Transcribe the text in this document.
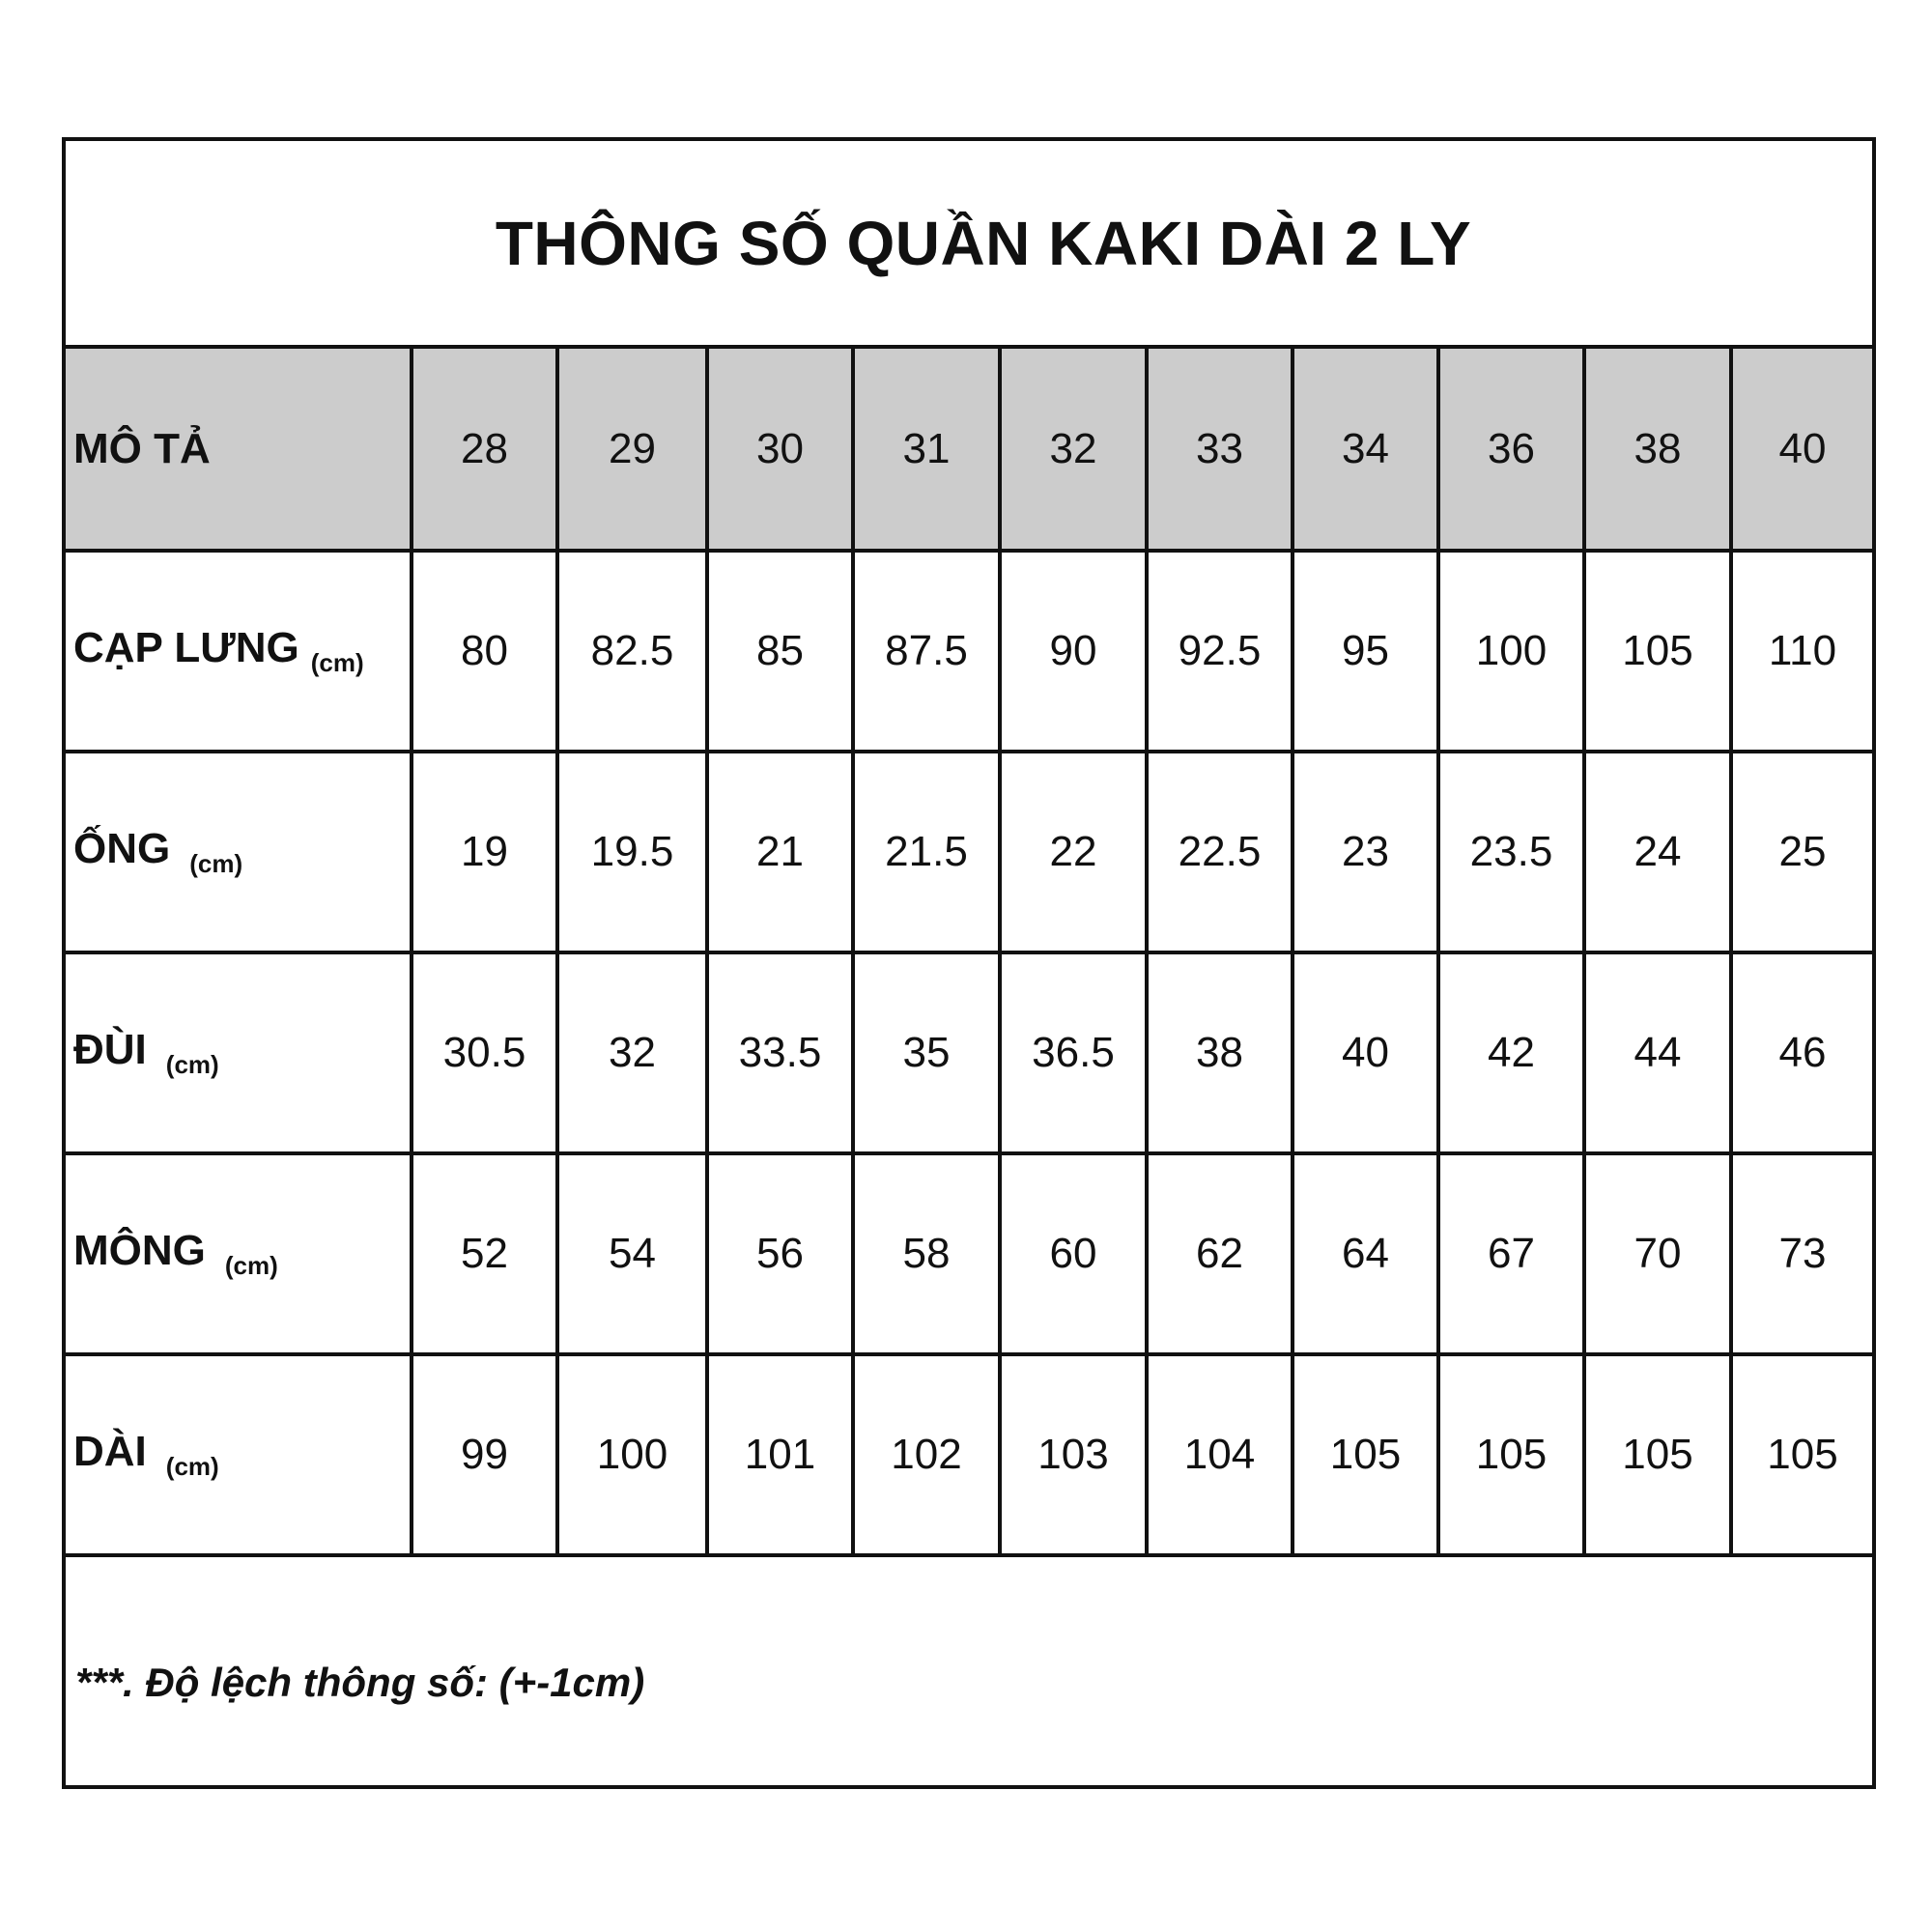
THÔNG SỐ QUẦN KAKI DÀI 2 LY
MÔ TẢ	28	29	30	31	32	33	34	36	38	40
CẠP LƯNG $_{(cm)}$	80	82.5	85	87.5	90	92.5	95	100	105	110
ỐNG $_{(cm)}$	19	19.5	21	21.5	22	22.5	23	23.5	24	25
ĐÙI $_{(cm)}$	30.5	32	33.5	35	36.5	38	40	42	44	46
MÔNG $_{(cm)}$	52	54	56	58	60	62	64	67	70	73
DÀI $_{(cm)}$	99	100	101	102	103	104	105	105	105	105
***. Độ lệch thông số: (+-1cm)
